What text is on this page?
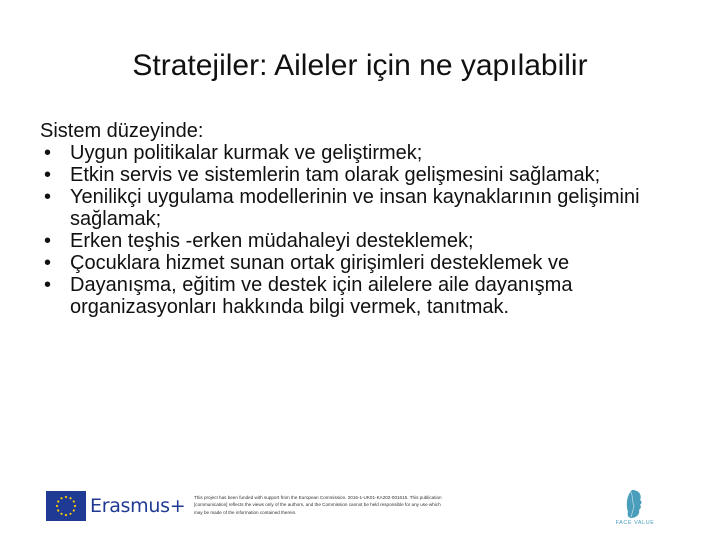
Stratejiler: Aileler için ne yapılabilir

Sistem düzeyinde:

• Uygun politikalar kurmak ve geliştirmek;
• Etkin servis ve sistemlerin tam olarak gelişmesini sağlamak;
• Yenilikçi uygulama modellerinin ve insan kaynaklarının gelişimini sağlamak;
• Erken teşhis -erken müdahaleyi desteklemek;
• Çocuklara hizmet sunan ortak girişimleri desteklemek ve
• Dayanışma, eğitim ve destek için ailelere aile dayanışma organizasyonları hakkında bilgi vermek, tanıtmak.
Erasmus+ This project has been funded with support from the European Commission. 2016-1-UK01-KA202-001615. This publication [communication] reflects the views only of the authors, and the Commission cannot be held responsible for any use which may be made of the information contained therein.
FACE VALUE
